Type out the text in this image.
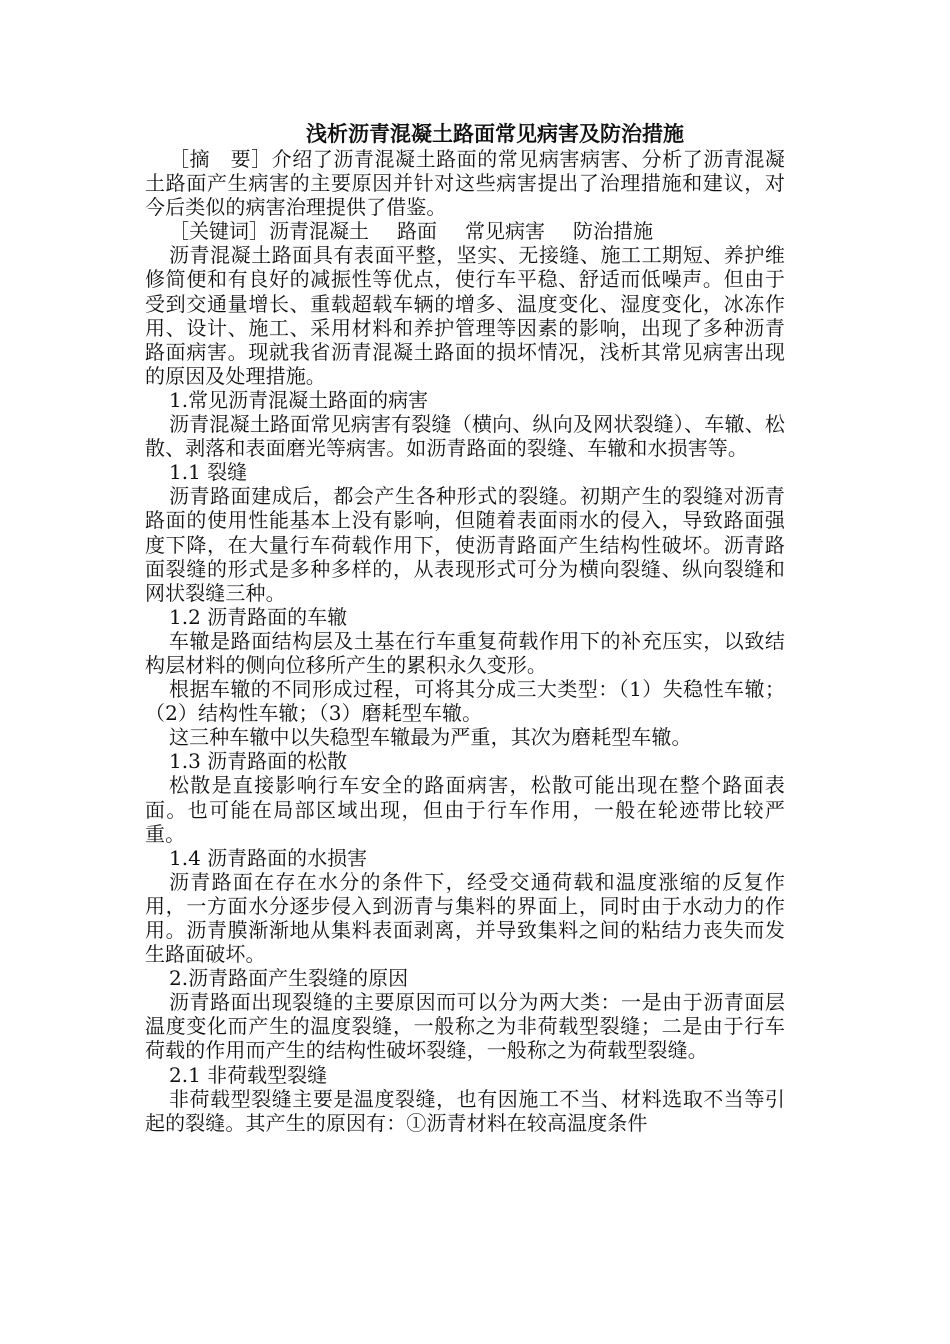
浅析沥青混凝土路面常见病害及防治措施

［摘　要］介绍了沥青混凝土路面的常见病害病害、分析了沥青混凝土路面产生病害的主要原因并针对这些病害提出了治理措施和建议，对今后类似的病害治理提供了借鉴。

［关键词］沥青混凝土 路面 常见病害 防治措施

沥青混凝土路面具有表面平整，坚实、无接缝、施工工期短、养护维修简便和有良好的减振性等优点，使行车平稳、舒适而低噪声。但由于受到交通量增长、重载超载车辆的增多、温度变化、湿度变化，冰冻作用、设计、施工、采用材料和养护管理等因素的影响，出现了多种沥青路面病害。现就我省沥青混凝土路面的损坏情况，浅析其常见病害出现的原因及处理措施。

1.常见沥青混凝土路面的病害

沥青混凝土路面常见病害有裂缝（横向、纵向及网状裂缝）、车辙、松散、剥落和表面磨光等病害。如沥青路面的裂缝、车辙和水损害等。

1.1 裂缝

沥青路面建成后，都会产生各种形式的裂缝。初期产生的裂缝对沥青路面的使用性能基本上没有影响，但随着表面雨水的侵入，导致路面强度下降，在大量行车荷载作用下，使沥青路面产生结构性破坏。沥青路面裂缝的形式是多种多样的，从表现形式可分为横向裂缝、纵向裂缝和网状裂缝三种。

1.2 沥青路面的车辙

车辙是路面结构层及土基在行车重复荷载作用下的补充压实，以致结构层材料的侧向位移所产生的累积永久变形。

根据车辙的不同形成过程，可将其分成三大类型：（1）失稳性车辙；（2）结构性车辙；（3）磨耗型车辙。

这三种车辙中以失稳型车辙最为严重，其次为磨耗型车辙。

1.3 沥青路面的松散

松散是直接影响行车安全的路面病害，松散可能出现在整个路面表面。也可能在局部区域出现，但由于行车作用，一般在轮迹带比较严重。

1.4 沥青路面的水损害

沥青路面在存在水分的条件下，经受交通荷载和温度涨缩的反复作用，一方面水分逐步侵入到沥青与集料的界面上，同时由于水动力的作用。沥青膜渐渐地从集料表面剥离，并导致集料之间的粘结力丧失而发生路面破坏。

2.沥青路面产生裂缝的原因

沥青路面出现裂缝的主要原因而可以分为两大类：一是由于沥青面层温度变化而产生的温度裂缝，一般称之为非荷载型裂缝；二是由于行车荷载的作用而产生的结构性破坏裂缝，一般称之为荷载型裂缝。

2.1 非荷载型裂缝

非荷载型裂缝主要是温度裂缝，也有因施工不当、材料选取不当等引起的裂缝。其产生的原因有：①沥青材料在较高温度条件
